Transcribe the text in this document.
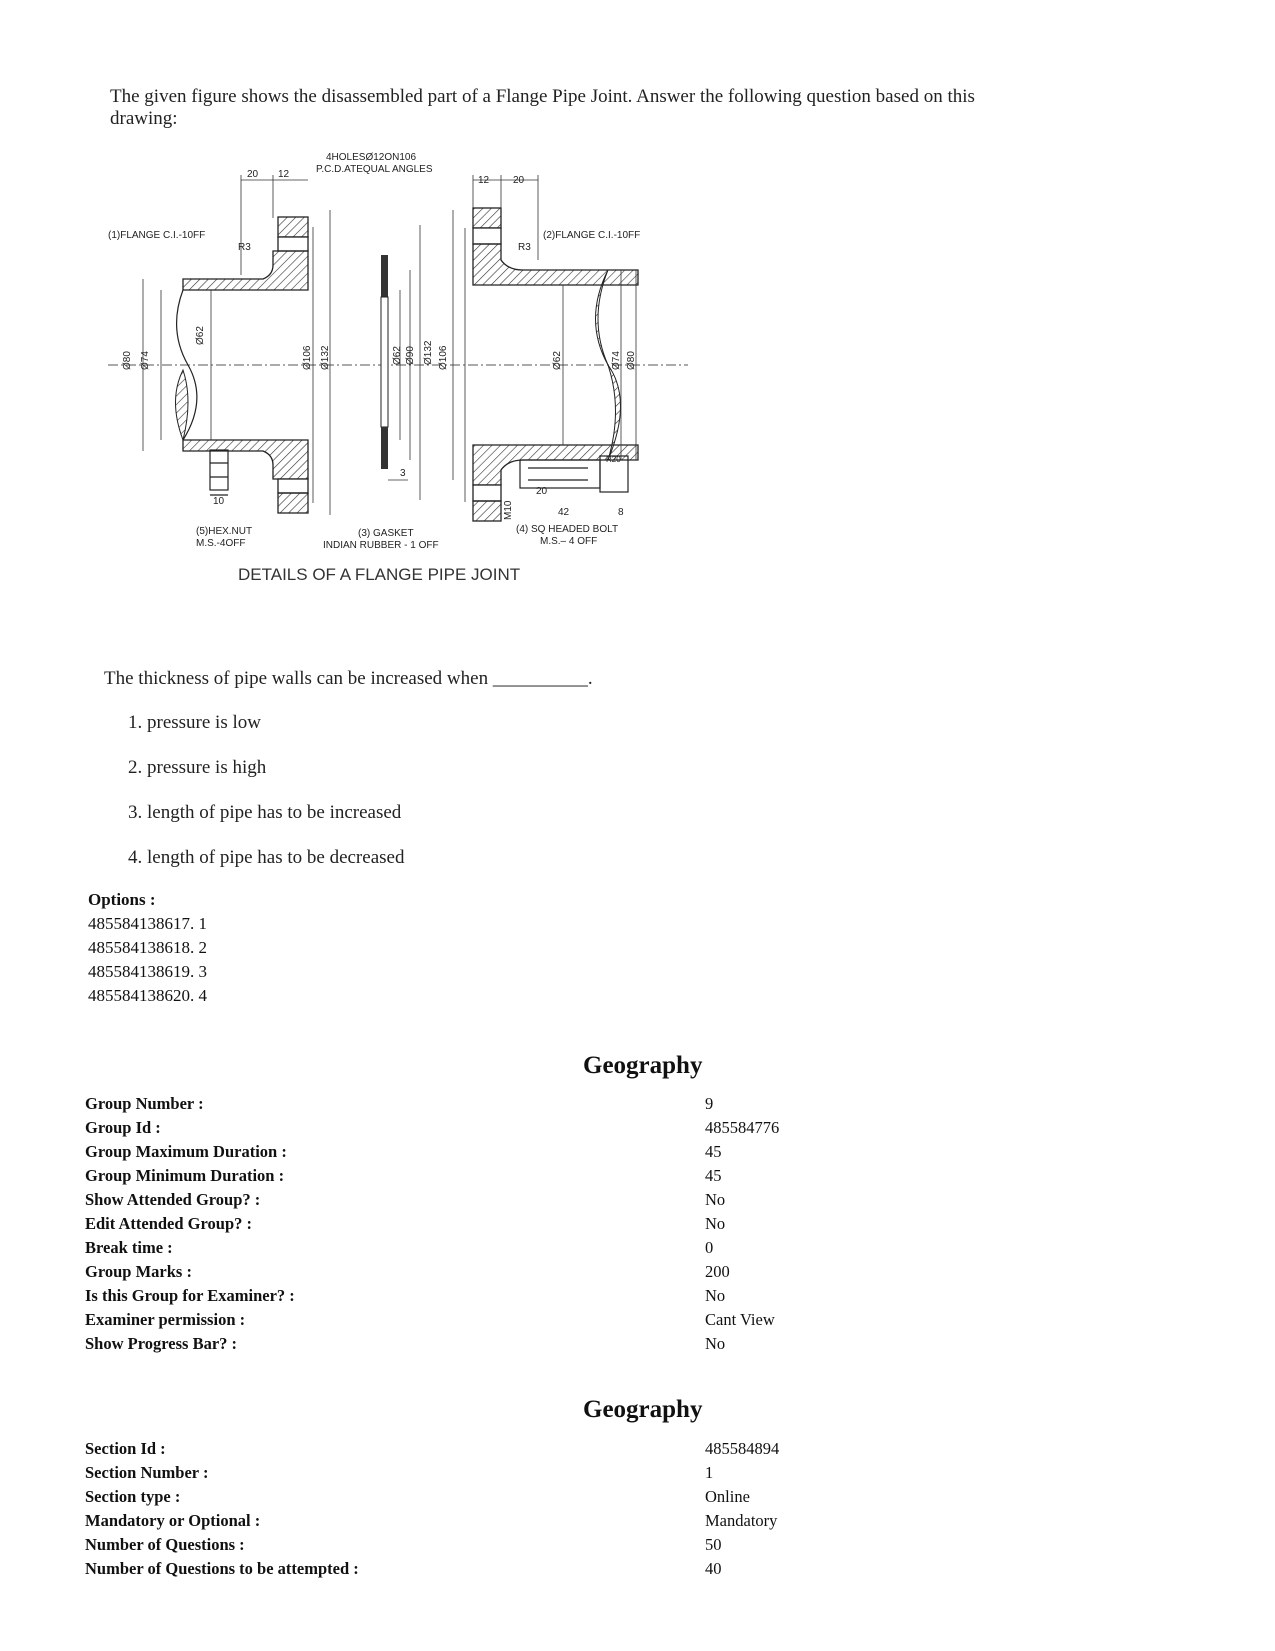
The given figure shows the disassembled part of a Flange Pipe Joint. Answer the following question based on this drawing:
20 12
R3
(1)FLANGE C.I.-10FF
Ø80 Ø74
Ø62
Ø106 Ø132
10
(5)HEX.NUT
M.S.-4OFF
Ø62 Ø90 Ø132
3
4HOLESØ12ON106
P.C.D.ATEQUAL ANGLES
(3) GASKET
INDIAN RUBBER - 1 OFF
12 20
R3
(2)FLANGE C.I.-10FF
Ø106	Ø62	Ø74 Ø80
M10
20
42	8
R20
(4) SQ HEADED BOLT
M.S.– 4 OFF
DETAILS OF A FLANGE PIPE JOINT
The thickness of pipe walls can be increased when __________.
1. pressure is low
2. pressure is high
3. length of pipe has to be increased
4. length of pipe has to be decreased
Options :
485584138617. 1
485584138618. 2
485584138619. 3
485584138620. 4
Geography
Group Number :	9
Group Id :	485584776
Group Maximum Duration :	45
Group Minimum Duration :	45
Show Attended Group? :	No
Edit Attended Group? :	No
Break time :	0
Group Marks :	200
Is this Group for Examiner? :	No
Examiner permission :	Cant View
Show Progress Bar? :	No
Geography
Section Id :	485584894
Section Number :	1
Section type :	Online
Mandatory or Optional :	Mandatory
Number of Questions :	50
Number of Questions to be attempted :	40
